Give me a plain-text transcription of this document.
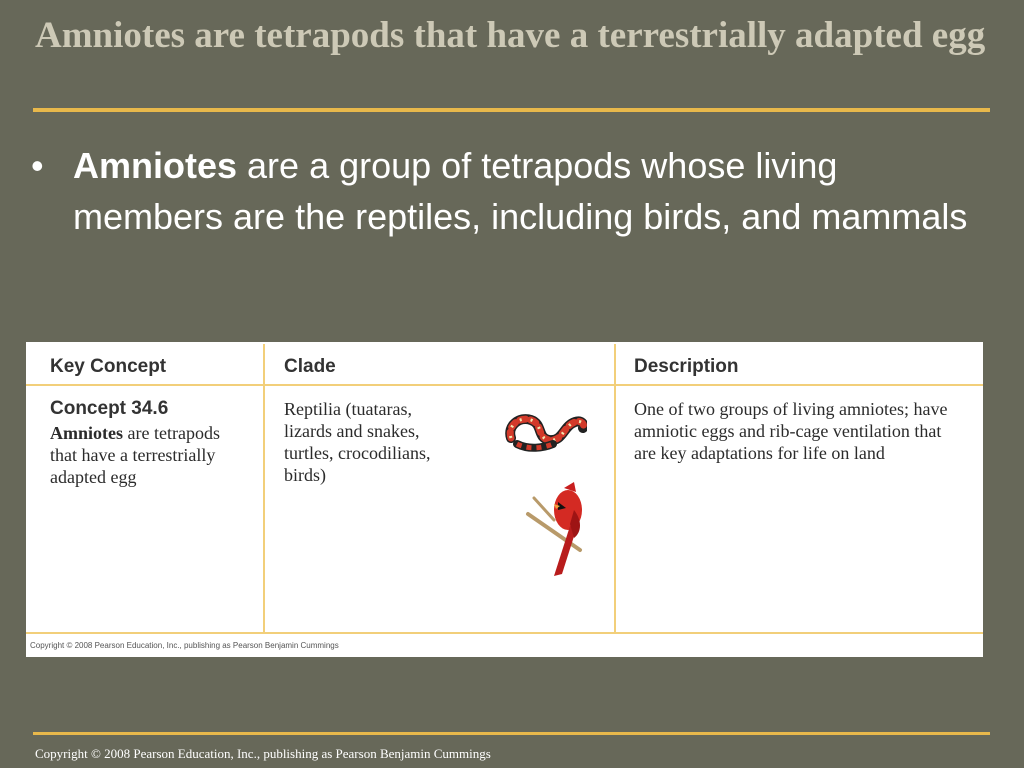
Amniotes are tetrapods that have a terrestrially adapted egg
• Amniotes are a group of tetrapods whose living members are the reptiles, including birds, and mammals
Key Concept	Clade	Description
Concept 34.6
Amniotes are tetrapods that have a terrestrially adapted egg
Reptilia (tuataras, lizards and snakes, turtles, crocodilians, birds)
One of two groups of living amniotes; have amniotic eggs and rib-cage ventilation that are key adaptations for life on land
Copyright © 2008 Pearson Education, Inc., publishing as Pearson Benjamin Cummings
Copyright © 2008 Pearson Education, Inc., publishing as Pearson Benjamin Cummings
